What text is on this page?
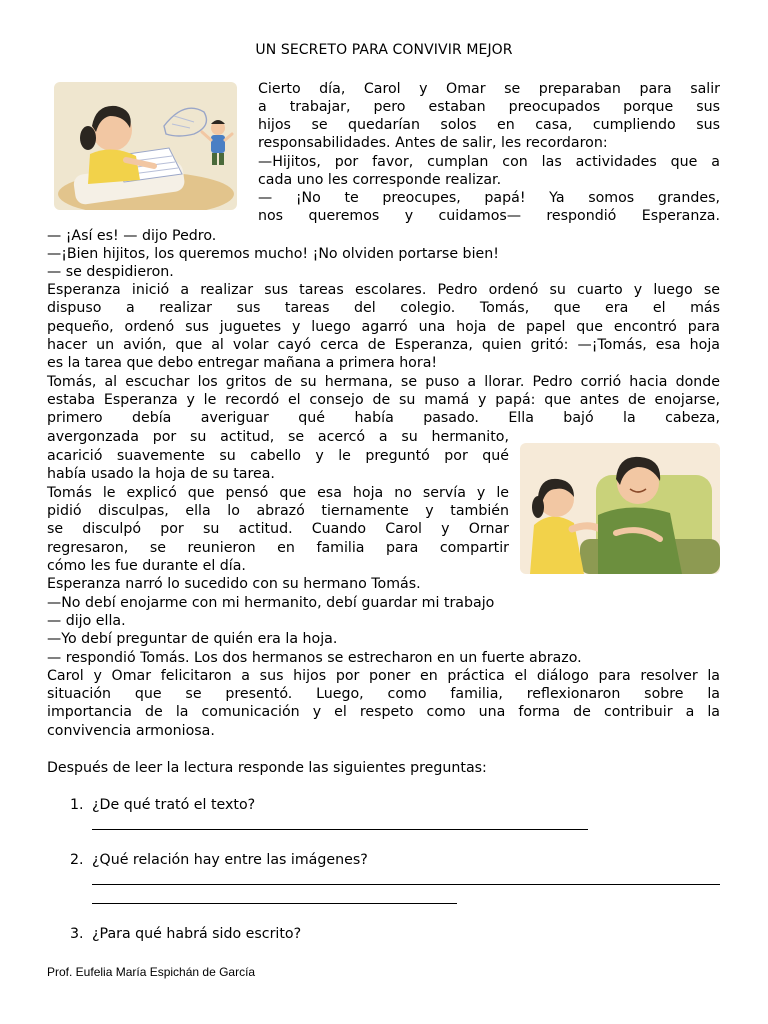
UN SECRETO PARA CONVIVIR MEJOR
Cierto día, Carol y Omar se preparaban para salir
a trabajar, pero estaban preocupados porque sus
hijos se quedarían solos en casa, cumpliendo sus
responsabilidades. Antes de salir, les recordaron:
—Hijitos, por favor, cumplan con las actividades que a
cada uno les corresponde realizar.
— ¡No te preocupes, papá! Ya somos grandes,
nos queremos y cuidamos— respondió Esperanza.
— ¡Así es! — dijo Pedro.
—¡Bien hijitos, los queremos mucho! ¡No olviden portarse bien!
— se despidieron.
Esperanza inició a realizar sus tareas escolares. Pedro ordenó su cuarto y luego se
dispuso a realizar sus tareas del colegio. Tomás, que era el más
pequeño, ordenó sus juguetes y luego agarró una hoja de papel que encontró para
hacer un avión, que al volar cayó cerca de Esperanza, quien gritó: —¡Tomás, esa hoja
es la tarea que debo entregar mañana a primera hora!
Tomás, al escuchar los gritos de su hermana, se puso a llorar. Pedro corrió hacia donde
estaba Esperanza y le recordó el consejo de su mamá y papá: que antes de enojarse,
primero debía averiguar qué había pasado. Ella bajó la cabeza,
avergonzada por su actitud, se acercó a su hermanito,
acarició suavemente su cabello y le preguntó por qué
había usado la hoja de su tarea.
Tomás le explicó que pensó que esa hoja no servía y le
pidió disculpas, ella lo abrazó tiernamente y también
se disculpó por su actitud. Cuando Carol y Ornar
regresaron, se reunieron en familia para compartir
cómo les fue durante el día.
Esperanza narró lo sucedido con su hermano Tomás.
—No debí enojarme con mi hermanito, debí guardar mi trabajo
— dijo ella.
—Yo debí preguntar de quién era la hoja.
— respondió Tomás. Los dos hermanos se estrecharon en un fuerte abrazo.
Carol y Omar felicitaron a sus hijos por poner en práctica el diálogo para resolver la
situación que se presentó. Luego, como familia, reflexionaron sobre la
importancia de la comunicación y el respeto como una forma de contribuir a la
convivencia armoniosa.
Después de leer la lectura responde las siguientes preguntas:
1. ¿De qué trató el texto?
2. ¿Qué relación hay entre las imágenes?
3. ¿Para qué habrá sido escrito?
Prof. Eufelia María Espichán de García
